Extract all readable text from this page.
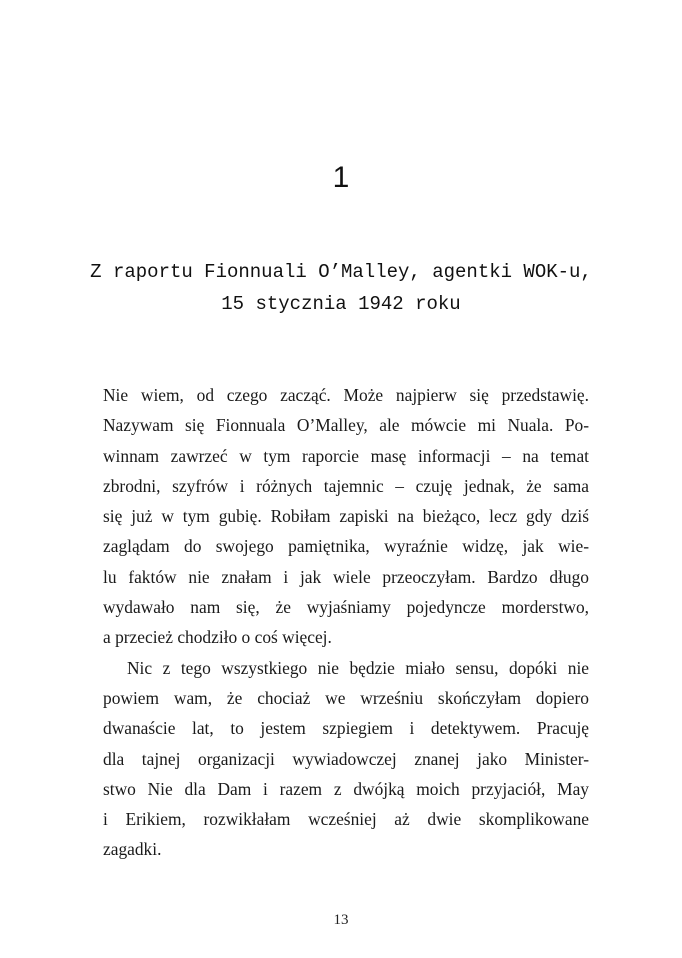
1
Z raportu Fionnuali O’Malley, agentki WOK-u,
15 stycznia 1942 roku

Nie wiem, od czego zacząć. Może najpierw się przedstawię.
Nazywam się Fionnuala O’Malley, ale mówcie mi Nuala. Po-
winnam zawrzeć w tym raporcie masę informacji – na temat
zbrodni, szyfrów i różnych tajemnic – czuję jednak, że sama
się już w tym gubię. Robiłam zapiski na bieżąco, lecz gdy dziś
zaglądam do swojego pamiętnika, wyraźnie widzę, jak wie-
lu faktów nie znałam i jak wiele przeoczyłam. Bardzo długo
wydawało nam się, że wyjaśniamy pojedyncze morderstwo,
a przecież chodziło o coś więcej.

Nic z tego wszystkiego nie będzie miało sensu, dopóki nie
powiem wam, że chociaż we wrześniu skończyłam dopiero
dwanaście lat, to jestem szpiegiem i detektywem. Pracuję
dla tajnej organizacji wywiadowczej znanej jako Minister-
stwo Nie dla Dam i razem z dwójką moich przyjaciół, May
i Erikiem, rozwikłałam wcześniej aż dwie skomplikowane
zagadki.

13
